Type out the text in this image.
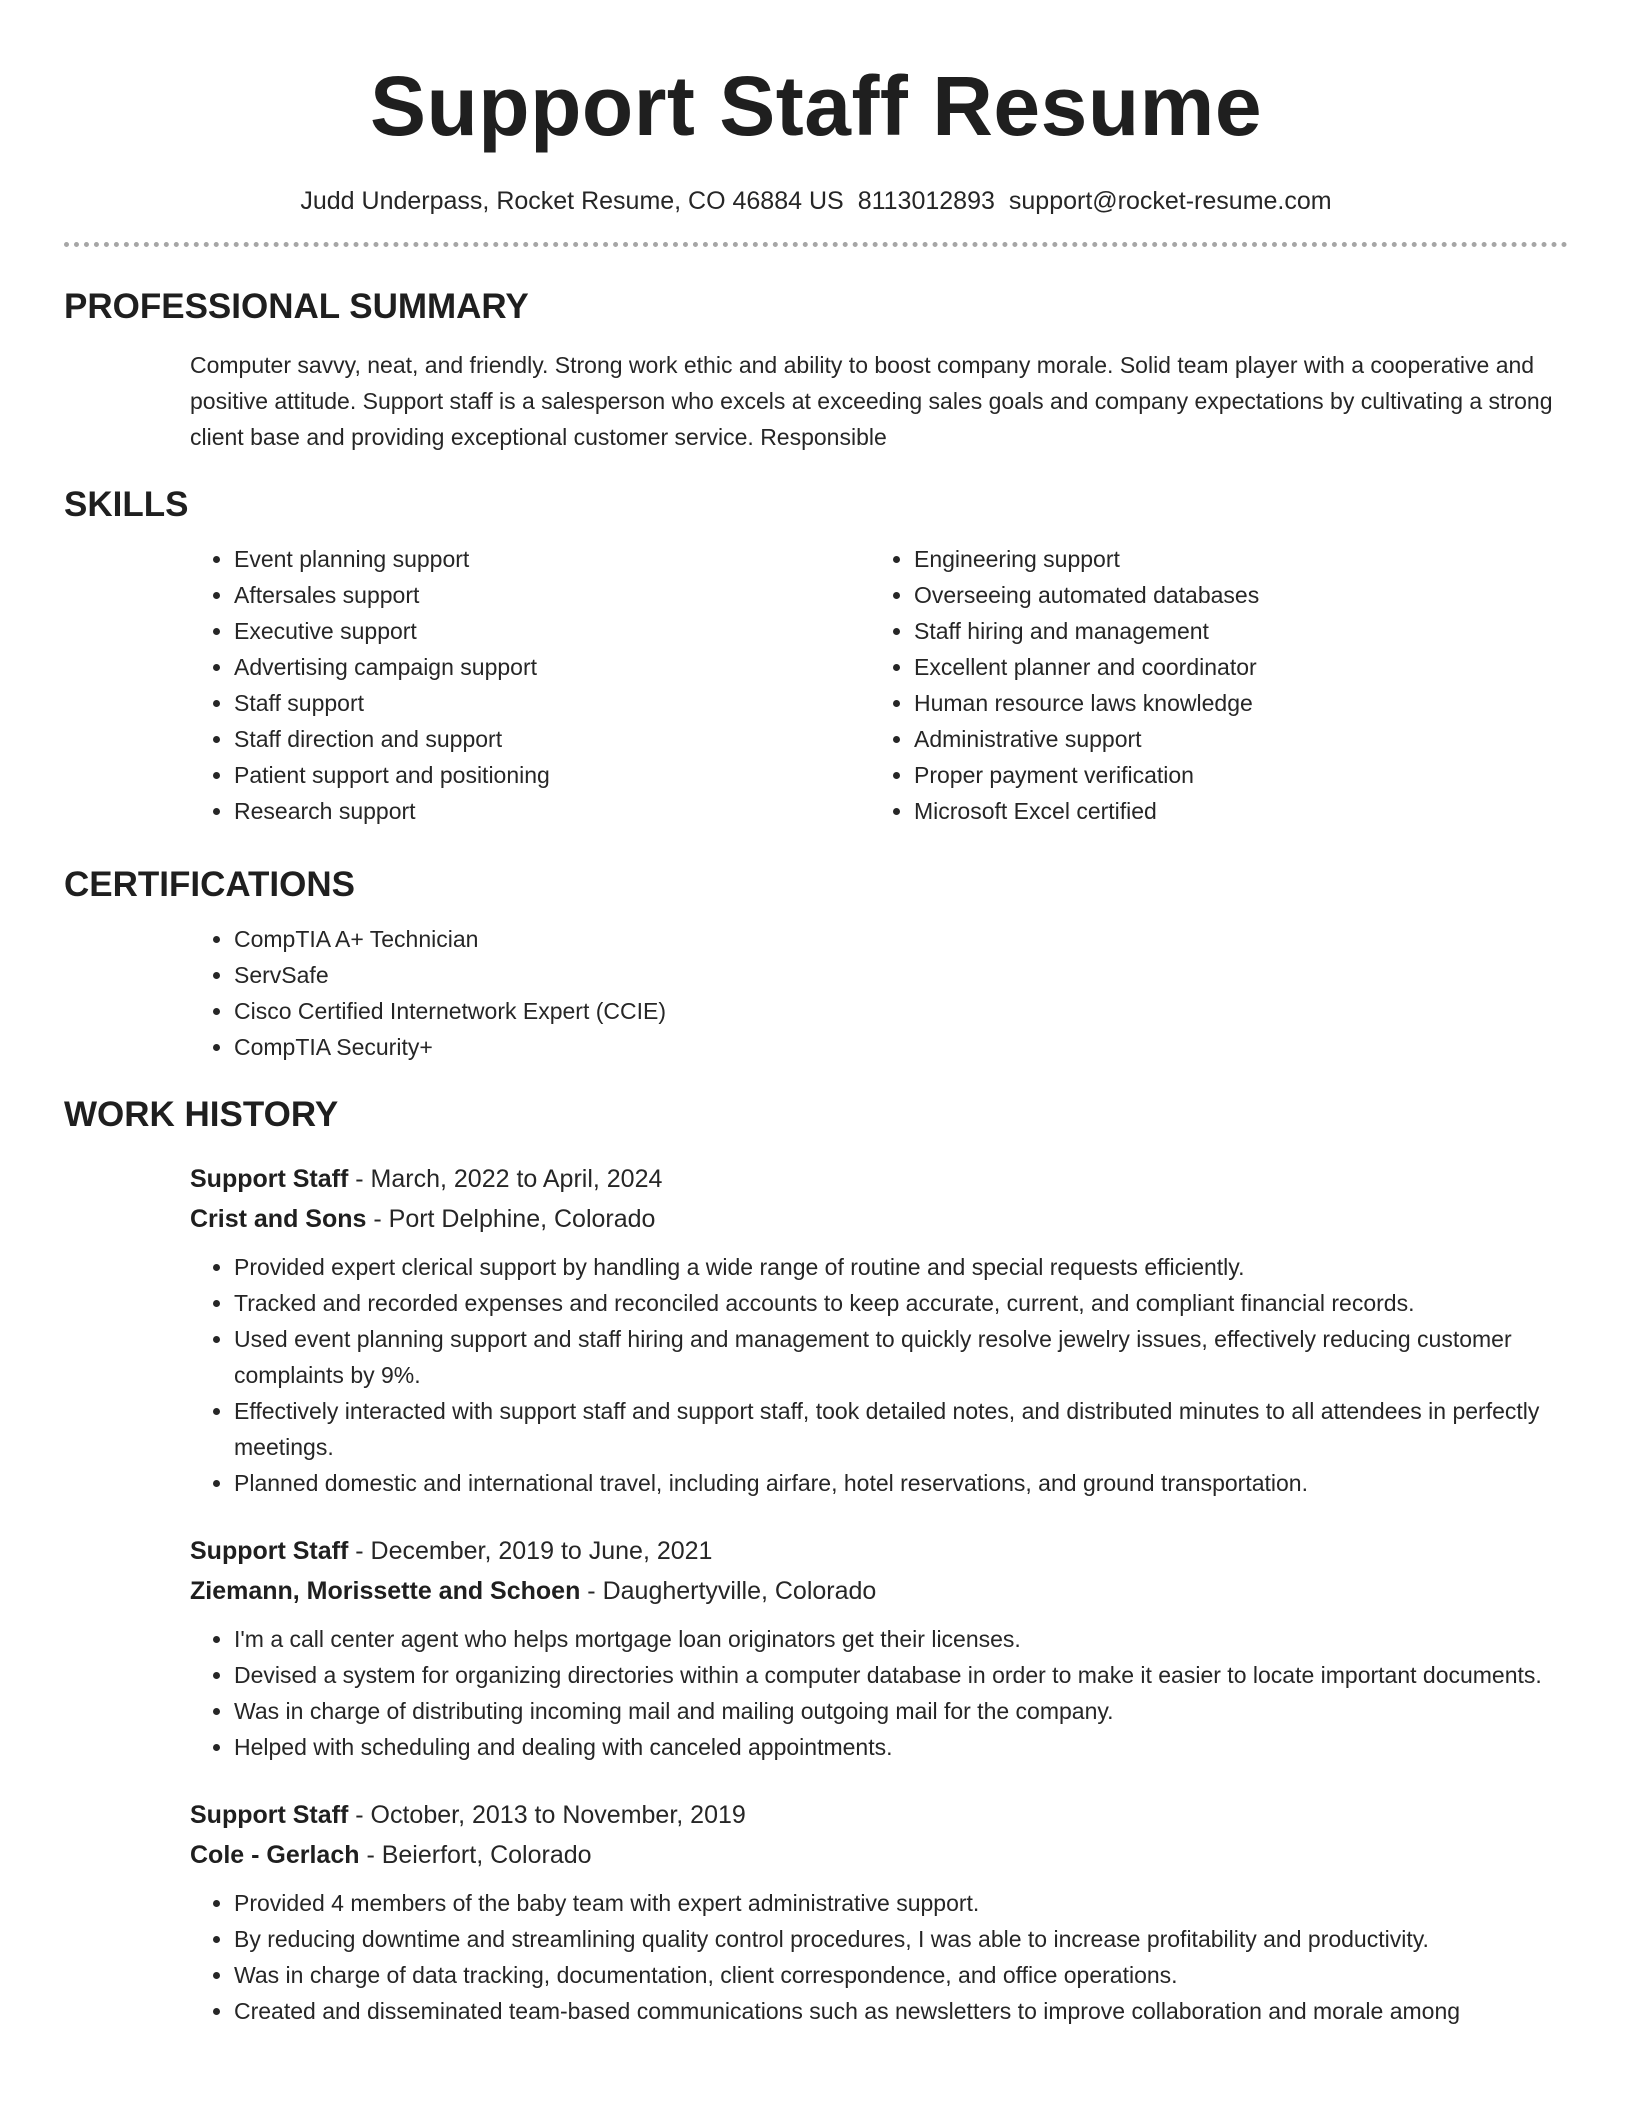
Support Staff Resume
Judd Underpass, Rocket Resume, CO 46884 US 8113012893 support@rocket-resume.com
PROFESSIONAL SUMMARY

Computer savvy, neat, and friendly. Strong work ethic and ability to boost company morale. Solid team player with a cooperative and positive attitude. Support staff is a salesperson who excels at exceeding sales goals and company expectations by cultivating a strong client base and providing exceptional customer service. Responsible

SKILLS
• Event planning support
• Aftersales support
• Executive support
• Advertising campaign support
• Staff support
• Staff direction and support
• Patient support and positioning
• Research support
• Engineering support
• Overseeing automated databases
• Staff hiring and management
• Excellent planner and coordinator
• Human resource laws knowledge
• Administrative support
• Proper payment verification
• Microsoft Excel certified
CERTIFICATIONS
• CompTIA A+ Technician
• ServSafe
• Cisco Certified Internetwork Expert (CCIE)
• CompTIA Security+
WORK HISTORY
Support Staff - March, 2022 to April, 2024
Crist and Sons - Port Delphine, Colorado
• Provided expert clerical support by handling a wide range of routine and special requests efficiently.
• Tracked and recorded expenses and reconciled accounts to keep accurate, current, and compliant financial records.
• Used event planning support and staff hiring and management to quickly resolve jewelry issues, effectively reducing customer complaints by 9%.
• Effectively interacted with support staff and support staff, took detailed notes, and distributed minutes to all attendees in perfectly meetings.
• Planned domestic and international travel, including airfare, hotel reservations, and ground transportation.
Support Staff - December, 2019 to June, 2021
Ziemann, Morissette and Schoen - Daughertyville, Colorado
• I'm a call center agent who helps mortgage loan originators get their licenses.
• Devised a system for organizing directories within a computer database in order to make it easier to locate important documents.
• Was in charge of distributing incoming mail and mailing outgoing mail for the company.
• Helped with scheduling and dealing with canceled appointments.
Support Staff - October, 2013 to November, 2019
Cole - Gerlach - Beierfort, Colorado
• Provided 4 members of the baby team with expert administrative support.
• By reducing downtime and streamlining quality control procedures, I was able to increase profitability and productivity.
• Was in charge of data tracking, documentation, client correspondence, and office operations.
• Created and disseminated team-based communications such as newsletters to improve collaboration and morale among
